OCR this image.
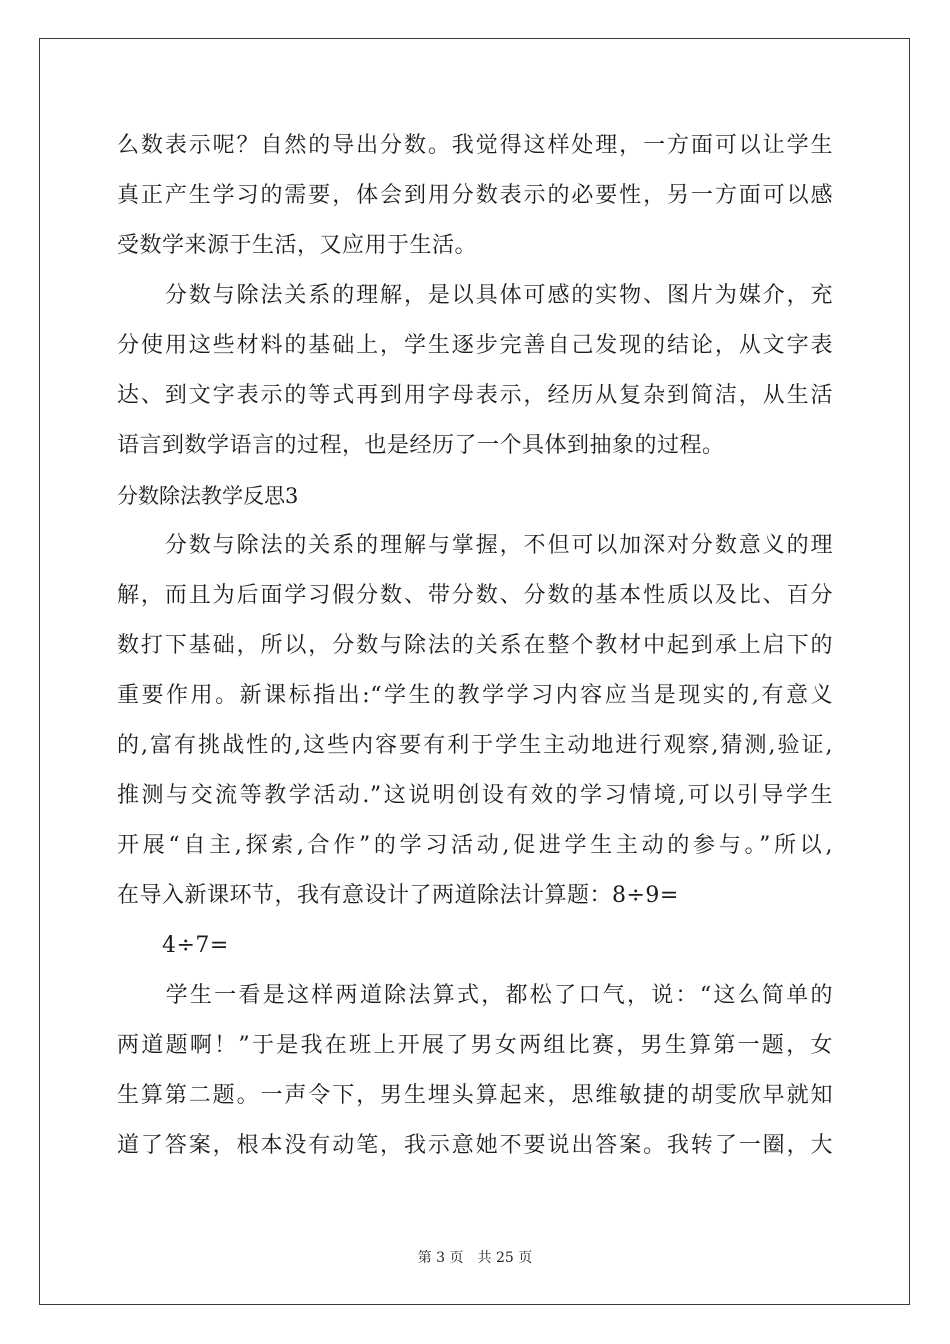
么数表示呢？自然的导出分数。我觉得这样处理，一方面可以让学生
真正产生学习的需要，体会到用分数表示的必要性，另一方面可以感
受数学来源于生活，又应用于生活。
　　分数与除法关系的理解，是以具体可感的实物、图片为媒介，充
分使用这些材料的基础上，学生逐步完善自己发现的结论，从文字表
达、到文字表示的等式再到用字母表示，经历从复杂到简洁，从生活
语言到数学语言的过程，也是经历了一个具体到抽象的过程。
分数除法教学反思3
　　分数与除法的关系的理解与掌握，不但可以加深对分数意义的理
解，而且为后面学习假分数、带分数、分数的基本性质以及比、百分
数打下基础，所以，分数与除法的关系在整个教材中起到承上启下的
重要作用。新课标指出:“学生的教学学习内容应当是现实的,有意义
的,富有挑战性的,这些内容要有利于学生主动地进行观察,猜测,验证,
推测与交流等教学活动.”这说明创设有效的学习情境,可以引导学生
开展“自主,探索,合作”的学习活动,促进学生主动的参与。”所以,
在导入新课环节，我有意设计了两道除法计算题：8÷9=
　　4÷7=
　　学生一看是这样两道除法算式，都松了口气，说：“这么简单的
两道题啊！”于是我在班上开展了男女两组比赛，男生算第一题，女
生算第二题。一声令下，男生埋头算起来，思维敏捷的胡雯欣早就知
道了答案，根本没有动笔，我示意她不要说出答案。我转了一圈，大
第 3 页　共 25 页
